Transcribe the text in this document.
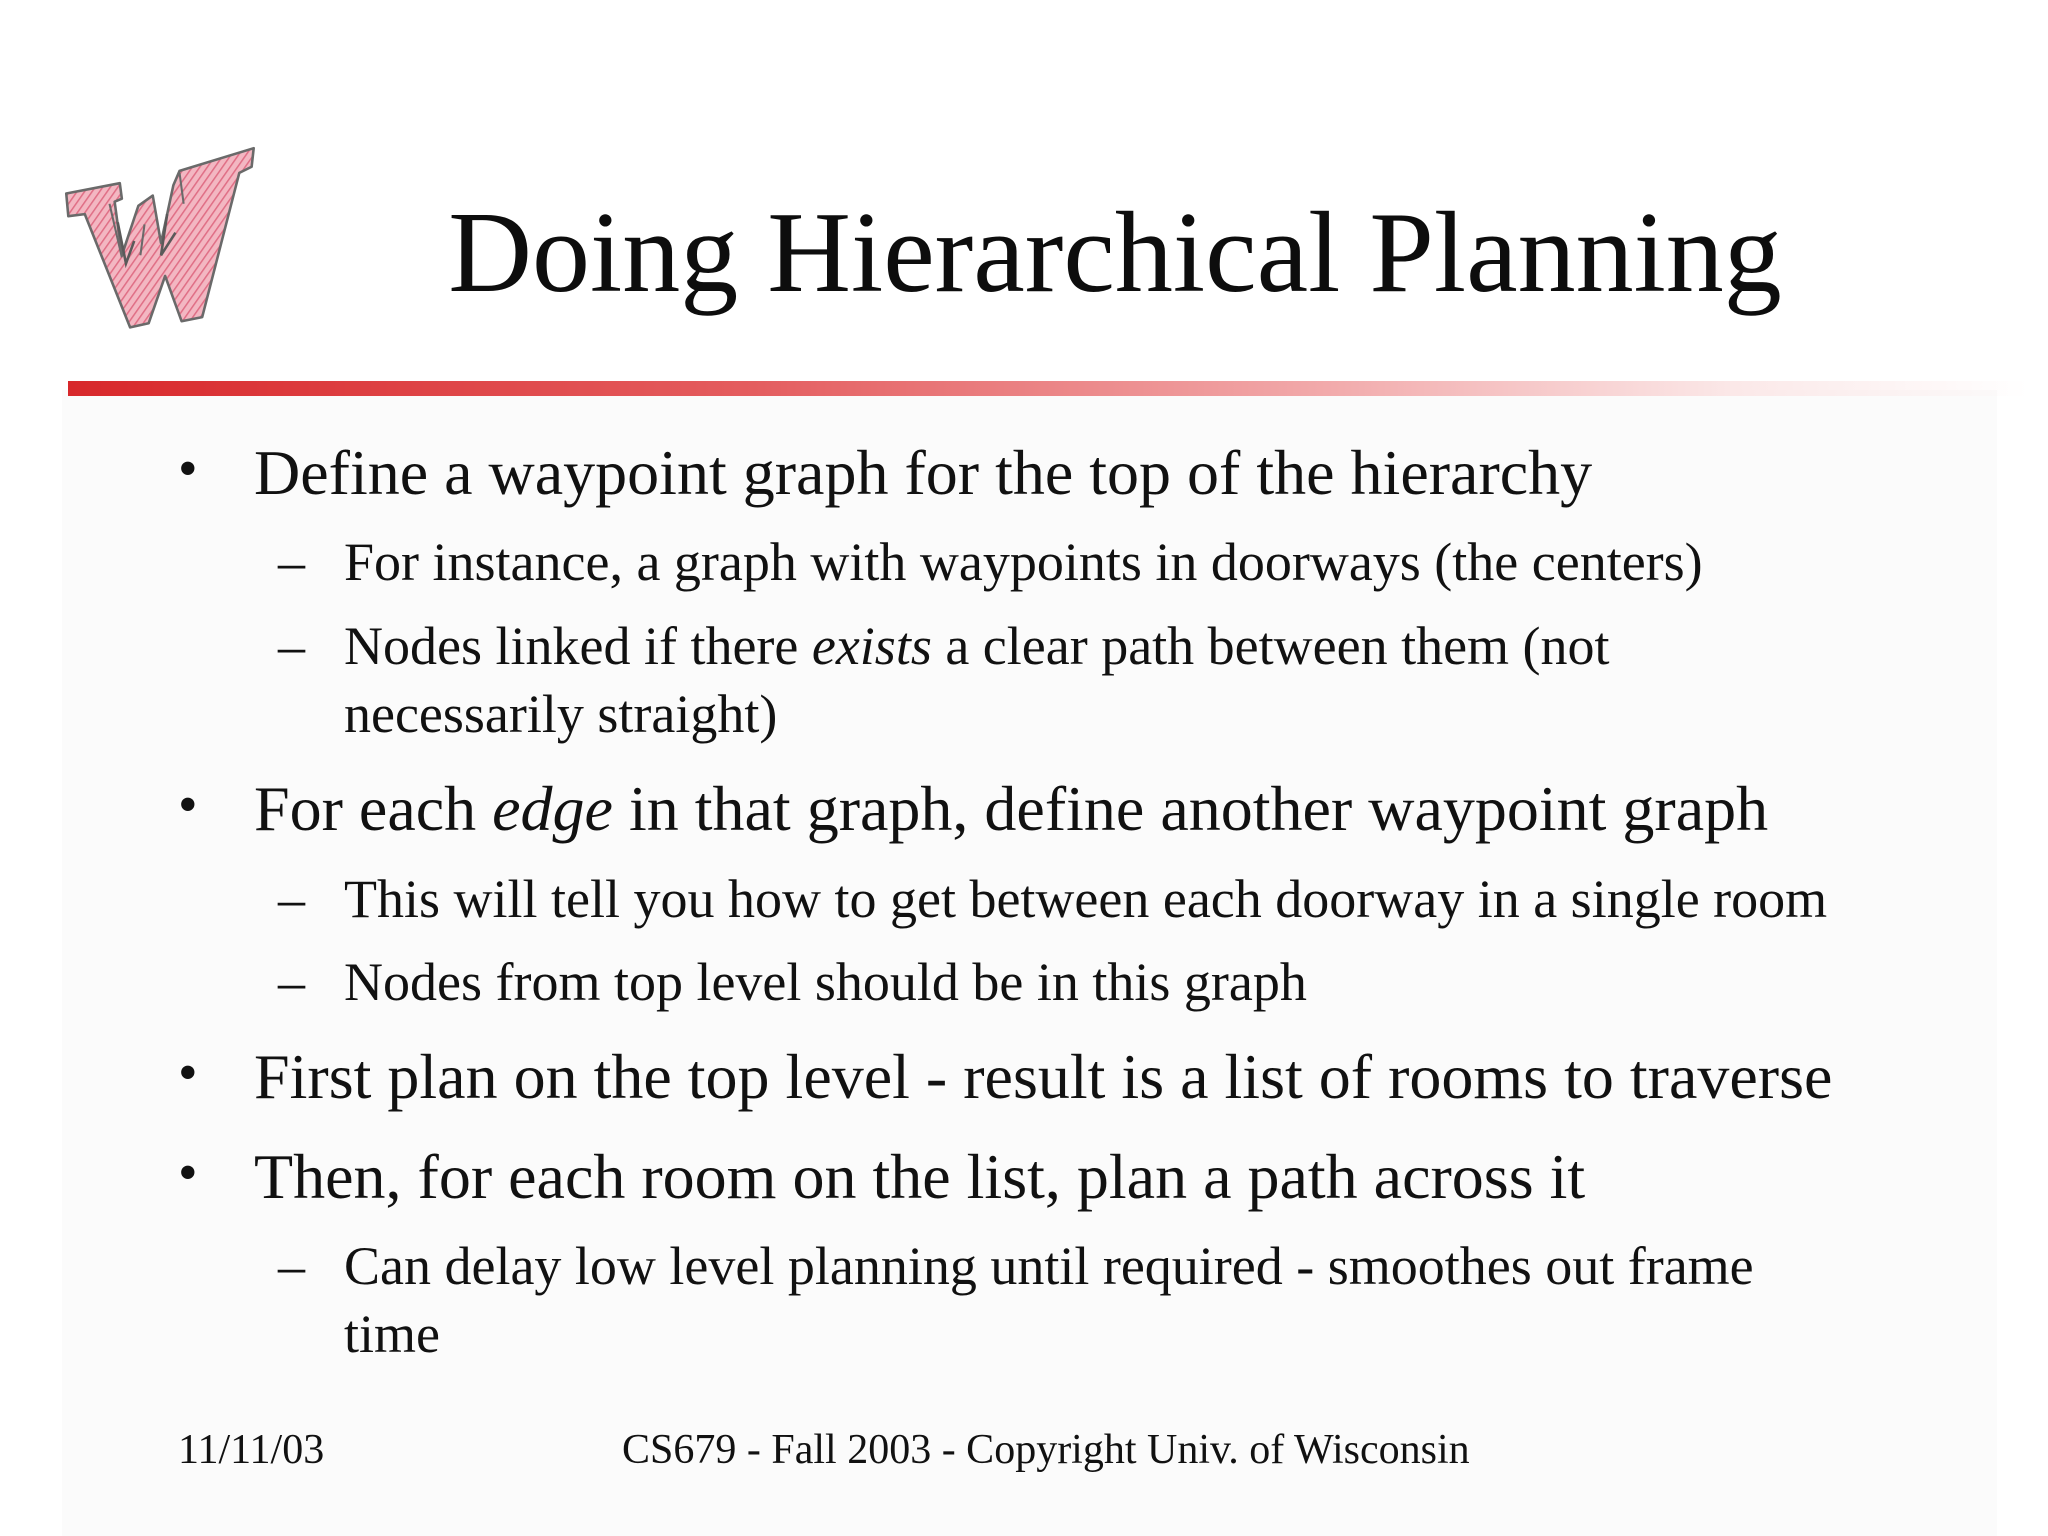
Doing Hierarchical Planning
• Define a waypoint graph for the top of the hierarchy
– For instance, a graph with waypoints in doorways (the centers)
– Nodes linked if there exists a clear path between them (not
necessarily straight)
• For each edge in that graph, define another waypoint graph
– This will tell you how to get between each doorway in a single room
– Nodes from top level should be in this graph
• First plan on the top level - result is a list of rooms to traverse
• Then, for each room on the list, plan a path across it
– Can delay low level planning until required - smoothes out frame
time
11/11/03	CS679 - Fall 2003 - Copyright Univ. of Wisconsin
